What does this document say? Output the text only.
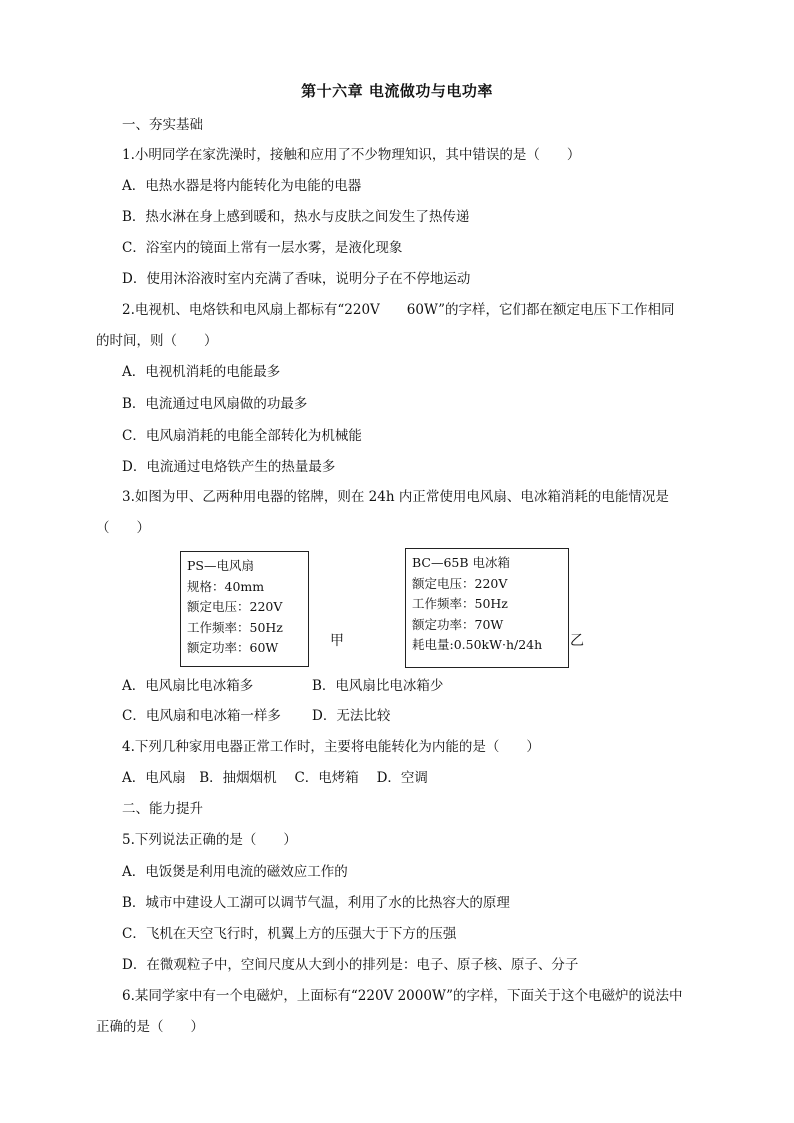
第十六章 电流做功与电功率
一、夯实基础
1.小明同学在家洗澡时，接触和应用了不少物理知识，其中错误的是（　　）
A．电热水器是将内能转化为电能的电器
B．热水淋在身上感到暖和，热水与皮肤之间发生了热传递
C．浴室内的镜面上常有一层水雾，是液化现象
D．使用沐浴液时室内充满了香味，说明分子在不停地运动
2.电视机、电烙铁和电风扇上都标有“220V　　60W”的字样，它们都在额定电压下工作相同
的时间，则（　　）
A．电视机消耗的电能最多
B．电流通过电风扇做的功最多
C．电风扇消耗的电能全部转化为机械能
D．电流通过电烙铁产生的热量最多
3.如图为甲、乙两种用电器的铭牌，则在 24h 内正常使用电风扇、电冰箱消耗的电能情况是
（　　）
PS—电风扇
规格：40mm
额定电压：220V
工作频率：50Hz
额定功率：60W	甲
BC—65B 电冰箱
额定电压：220V
工作频率：50Hz
额定功率：70W
耗电量:0.50kW·h/24h	乙
A．电风扇比电冰箱多	B．电风扇比电冰箱少
C．电风扇和电冰箱一样多 D．无法比较
4.下列几种家用电器正常工作时，主要将电能转化为内能的是（　　）
A．电风扇　B．抽烟烟机　 C．电烤箱　 D．空调
二、能力提升
5.下列说法正确的是（　　）
A．电饭煲是利用电流的磁效应工作的
B．城市中建设人工湖可以调节气温，利用了水的比热容大的原理
C．飞机在天空飞行时，机翼上方的压强大于下方的压强
D．在微观粒子中，空间尺度从大到小的排列是：电子、原子核、原子、分子
6.某同学家中有一个电磁炉，上面标有“220V 2000W”的字样，下面关于这个电磁炉的说法中
正确的是（　　）
